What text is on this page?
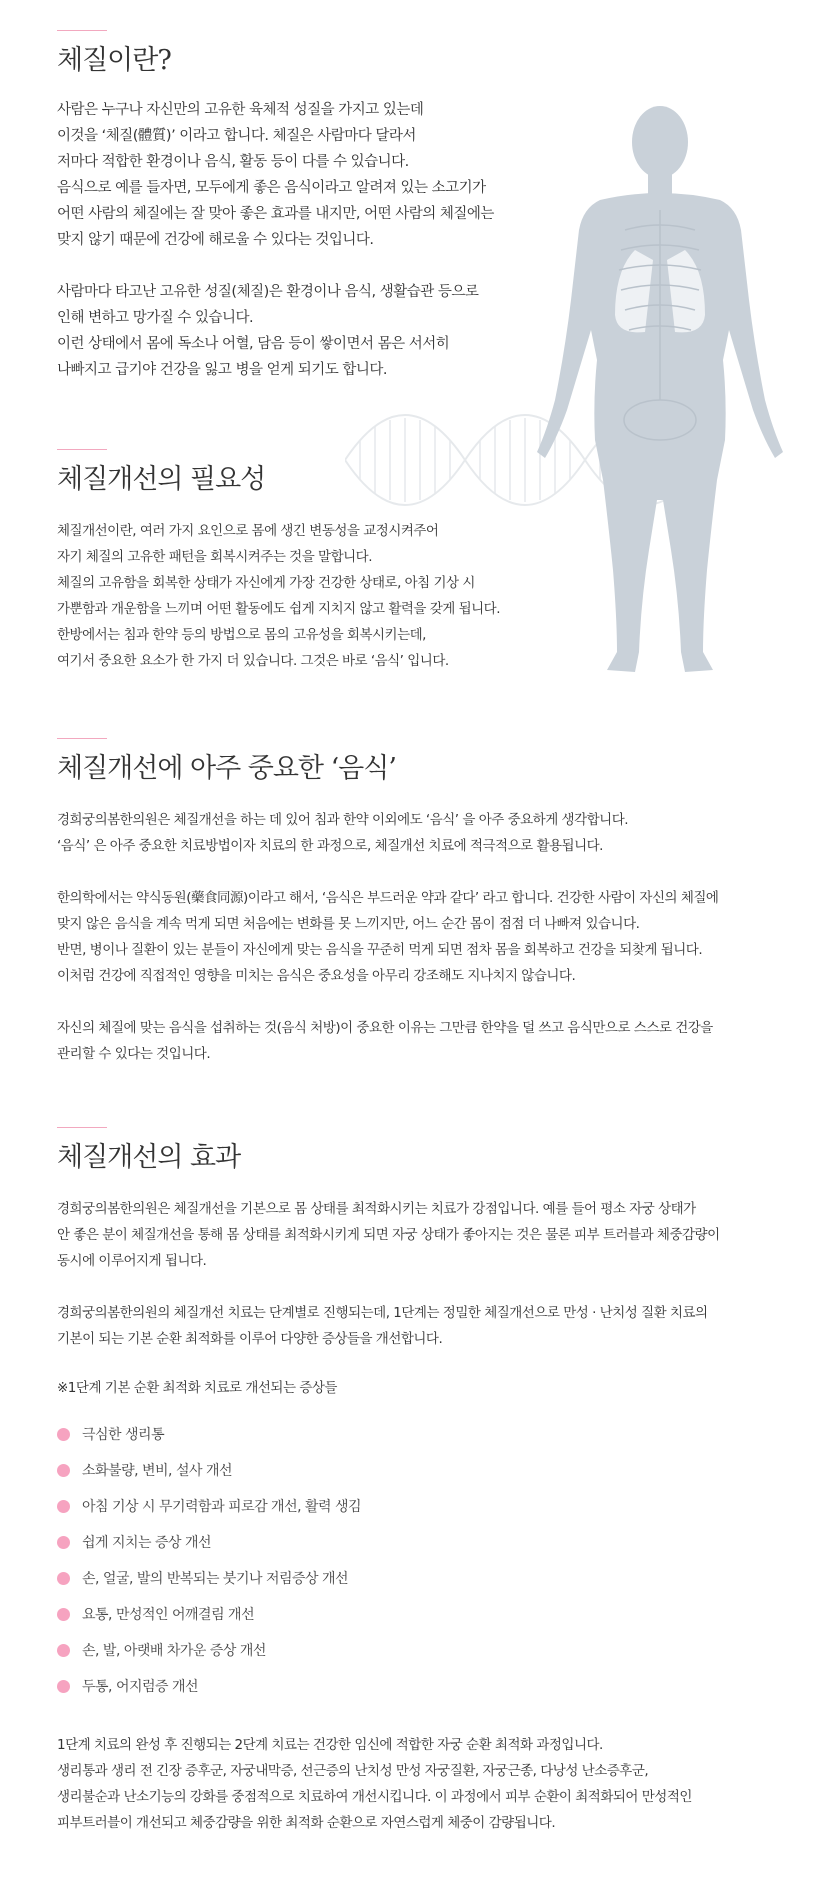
체질이란?
사람은 누구나 자신만의 고유한 육체적 성질을 가지고 있는데
이것을 ‘체질(體質)’ 이라고 합니다. 체질은 사람마다 달라서
저마다 적합한 환경이나 음식, 활동 등이 다를 수 있습니다.
음식으로 예를 들자면, 모두에게 좋은 음식이라고 알려져 있는 소고기가
어떤 사람의 체질에는 잘 맞아 좋은 효과를 내지만, 어떤 사람의 체질에는
맞지 않기 때문에 건강에 해로울 수 있다는 것입니다.
사람마다 타고난 고유한 성질(체질)은 환경이나 음식, 생활습관 등으로
인해 변하고 망가질 수 있습니다.
이런 상태에서 몸에 독소나 어혈, 담음 등이 쌓이면서 몸은 서서히
나빠지고 급기야 건강을 잃고 병을 얻게 되기도 합니다.
체질개선의 필요성
체질개선이란, 여러 가지 요인으로 몸에 생긴 변동성을 교정시켜주어
자기 체질의 고유한 패턴을 회복시켜주는 것을 말합니다.
체질의 고유함을 회복한 상태가 자신에게 가장 건강한 상태로, 아침 기상 시
가뿐함과 개운함을 느끼며 어떤 활동에도 쉽게 지치지 않고 활력을 갖게 됩니다.
한방에서는 침과 한약 등의 방법으로 몸의 고유성을 회복시키는데,
여기서 중요한 요소가 한 가지 더 있습니다. 그것은 바로 ‘음식’ 입니다.
체질개선에 아주 중요한 ‘음식’
경희궁의봄한의원은 체질개선을 하는 데 있어 침과 한약 이외에도 ‘음식’ 을 아주 중요하게 생각합니다.
‘음식’ 은 아주 중요한 치료방법이자 치료의 한 과정으로, 체질개선 치료에 적극적으로 활용됩니다.
한의학에서는 약식동원(藥食同源)이라고 해서, ‘음식은 부드러운 약과 같다’ 라고 합니다. 건강한 사람이 자신의 체질에
맞지 않은 음식을 계속 먹게 되면 처음에는 변화를 못 느끼지만, 어느 순간 몸이 점점 더 나빠져 있습니다.
반면, 병이나 질환이 있는 분들이 자신에게 맞는 음식을 꾸준히 먹게 되면 점차 몸을 회복하고 건강을 되찾게 됩니다.
이처럼 건강에 직접적인 영향을 미치는 음식은 중요성을 아무리 강조해도 지나치지 않습니다.
자신의 체질에 맞는 음식을 섭취하는 것(음식 처방)이 중요한 이유는 그만큼 한약을 덜 쓰고 음식만으로 스스로 건강을
관리할 수 있다는 것입니다.
체질개선의 효과
경희궁의봄한의원은 체질개선을 기본으로 몸 상태를 최적화시키는 치료가 강점입니다. 예를 들어 평소 자궁 상태가
안 좋은 분이 체질개선을 통해 몸 상태를 최적화시키게 되면 자궁 상태가 좋아지는 것은 물론 피부 트러블과 체중감량이
동시에 이루어지게 됩니다.
경희궁의봄한의원의 체질개선 치료는 단계별로 진행되는데, 1단계는 정밀한 체질개선으로 만성 · 난치성 질환 치료의
기본이 되는 기본 순환 최적화를 이루어 다양한 증상들을 개선합니다.
※1단계 기본 순환 최적화 치료로 개선되는 증상들
극심한 생리통
소화불량, 변비, 설사 개선
아침 기상 시 무기력함과 피로감 개선, 활력 생김
쉽게 지치는 증상 개선
손, 얼굴, 발의 반복되는 붓기나 저림증상 개선
요통, 만성적인 어깨결림 개선
손, 발, 아랫배 차가운 증상 개선
두통, 어지럼증 개선
1단계 치료의 완성 후 진행되는 2단계 치료는 건강한 임신에 적합한 자궁 순환 최적화 과정입니다.
생리통과 생리 전 긴장 증후군, 자궁내막증, 선근증의 난치성 만성 자궁질환, 자궁근종, 다낭성 난소증후군,
생리불순과 난소기능의 강화를 중점적으로 치료하여 개선시킵니다. 이 과정에서 피부 순환이 최적화되어 만성적인
피부트러블이 개선되고 체중감량을 위한 최적화 순환으로 자연스럽게 체중이 감량됩니다.
